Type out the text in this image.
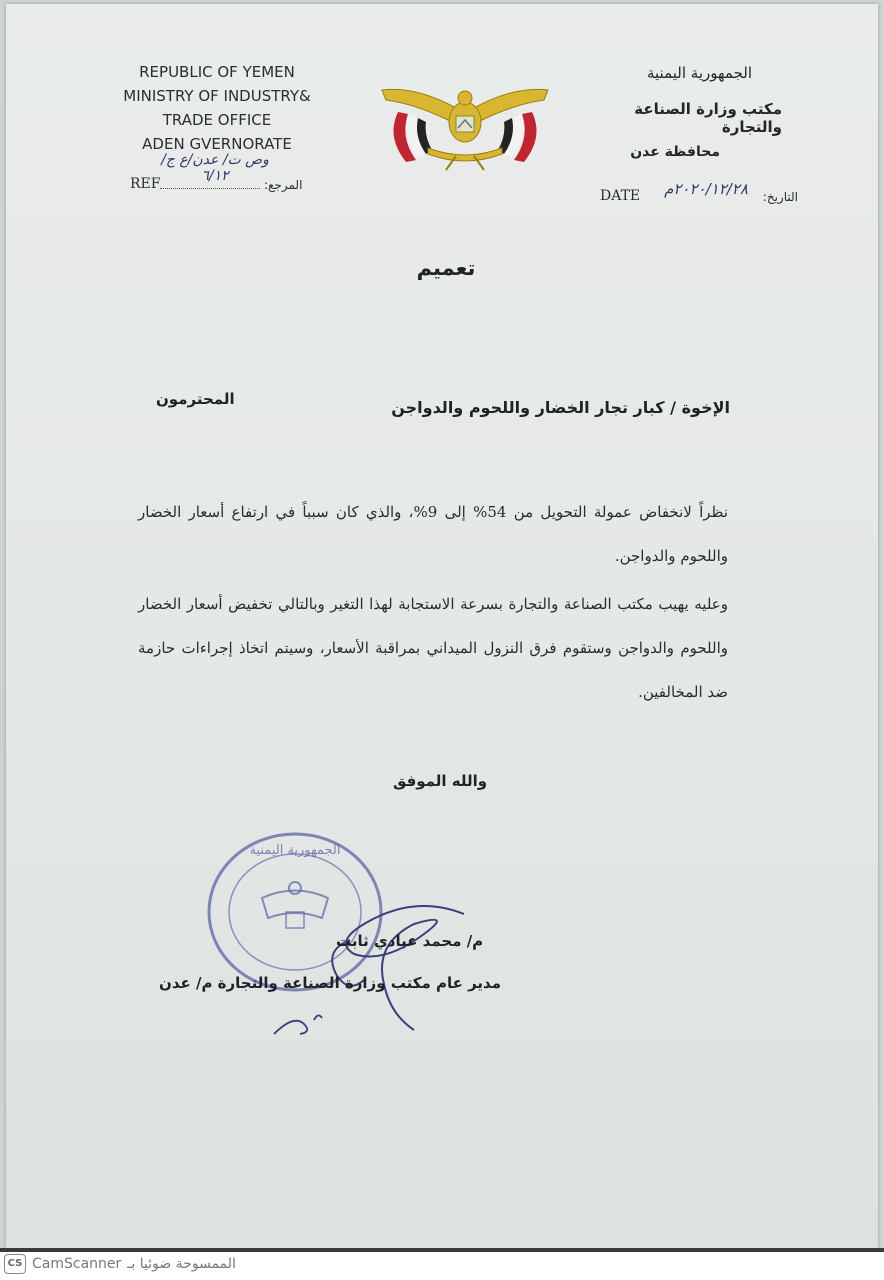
REPUBLIC OF YEMEN
MINISTRY OF INDUSTRY&
TRADE OFFICE
ADEN GVERNORATE
REF
وص ت/ عدن/ع ج/٦/١٢
المرجع:
الجمهورية اليمنية
مكتب وزارة الصناعة والتجارة
محافظة عدن
DATE ٢٠٢٠/١٢/٢٨م	التاريخ:
تعميم
الإخوة / كبار تجار الخضار واللحوم والدواجن
المحترمون
نظراً لانخفاض عمولة التحويل من 54% إلى 9%، والذي كان سبباً في ارتفاع أسعار الخضار واللحوم والدواجن.
وعليه يهيب مكتب الصناعة والتجارة بسرعة الاستجابة لهذا التغير وبالتالي تخفيض أسعار الخضار واللحوم والدواجن وستقوم فرق النزول الميداني بمراقبة الأسعار، وسيتم اتخاذ إجراءات حازمة ضد المخالفين.
والله الموفق
الجمهورية اليمنية
م/ محمد عبادي ثابت
مدير عام مكتب وزارة الصناعة والتجارة م/ عدن
CS CamScanner الممسوحة ضوئيا بـ
